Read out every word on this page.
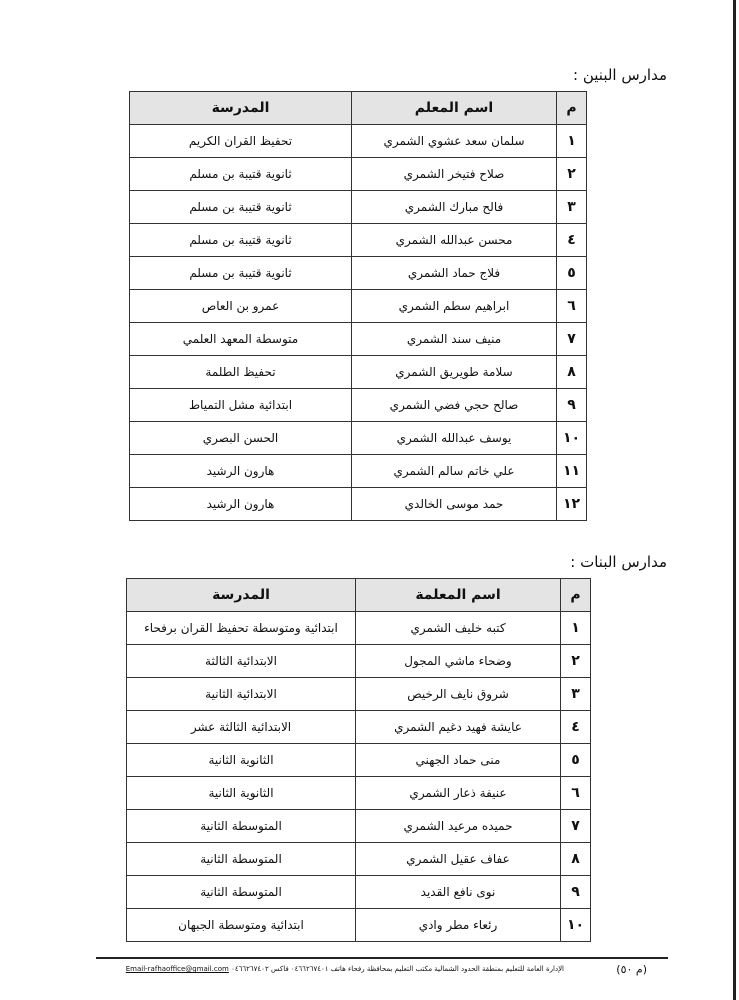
مدارس البنين :
م	اسم المعلم	المدرسة
١	سلمان سعد عشوي الشمري	تحفيظ القران الكريم
٢	صلاح فتيخر الشمري	ثانوية قتيبة بن مسلم
٣	فالح مبارك الشمري	ثانوية قتيبة بن مسلم
٤	محسن عبدالله الشمري	ثانوية قتيبة بن مسلم
٥	فلاج حماد الشمري	ثانوية قتيبة بن مسلم
٦	ابراهيم سطم الشمري	عمرو بن العاص
٧	منيف سند الشمري	متوسطة المعهد العلمي
٨	سلامة طويريق الشمري	تحفيظ الطلمة
٩	صالح حجي فضي الشمري	ابتدائية مشل التمياط
١٠	يوسف عبدالله الشمري	الحسن البصري
١١	علي خاتم سالم الشمري	هارون الرشيد
١٢	حمد موسى الخالدي	هارون الرشيد
مدارس البنات :
م	اسم المعلمة	المدرسة
١	كتبه خليف الشمري	ابتدائية ومتوسطة تحفيظ القران برفحاء
٢	وضحاء ماشي المجول	الابتدائية الثالثة
٣	شروق نايف الرخيص	الابتدائية الثانية
٤	عايشة فهيد دغيم الشمري	الابتدائية الثالثة عشر
٥	منى حماد الجهني	الثانوية الثانية
٦	عنيفة ذعار الشمري	الثانوية الثانية
٧	حميده مرعيد الشمري	المتوسطة الثانية
٨	عفاف عقيل الشمري	المتوسطة الثانية
٩	نوى نافع القديد	المتوسطة الثانية
١٠	رئعاء مطر وادي	ابتدائية ومتوسطة الجبهان
(م ٥٠)
الإدارة العامة للتعليم بمنطقة الحدود الشمالية مكتب التعليم بمحافظة رفحاء هاتف ٠٤٦٦٢٦٧٤٠١ فاكس ٠٤٦٦٢٦٧٤٠٢ Email-rafhaoffice@gmail.com
